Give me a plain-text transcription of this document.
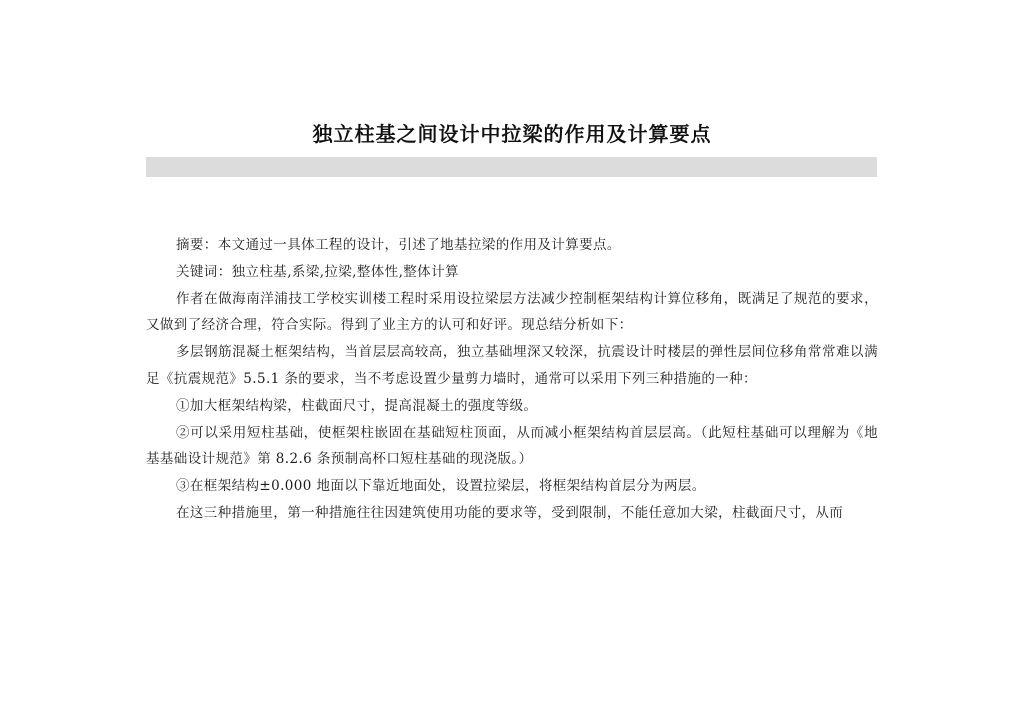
独立柱基之间设计中拉梁的作用及计算要点

摘要：本文通过一具体工程的设计，引述了地基拉梁的作用及计算要点。

关键词：独立柱基,系梁,拉梁,整体性,整体计算

作者在做海南洋浦技工学校实训楼工程时采用设拉梁层方法减少控制框架结构计算位移角，既满足了规范的要求，又做到了经济合理，符合实际。得到了业主方的认可和好评。现总结分析如下：

多层钢筋混凝土框架结构，当首层层高较高，独立基础埋深又较深，抗震设计时楼层的弹性层间位移角常常难以满足《抗震规范》5.5.1 条的要求，当不考虑设置少量剪力墙时，通常可以采用下列三种措施的一种：

①加大框架结构梁，柱截面尺寸，提高混凝土的强度等级。

②可以采用短柱基础，使框架柱嵌固在基础短柱顶面，从而减小框架结构首层层高。（此短柱基础可以理解为《地基基础设计规范》第 8.2.6 条预制高杯口短柱基础的现浇版。）

③在框架结构±0.000 地面以下靠近地面处，设置拉梁层，将框架结构首层分为两层。

在这三种措施里，第一种措施往往因建筑使用功能的要求等，受到限制，不能任意加大梁，柱截面尺寸，从而
